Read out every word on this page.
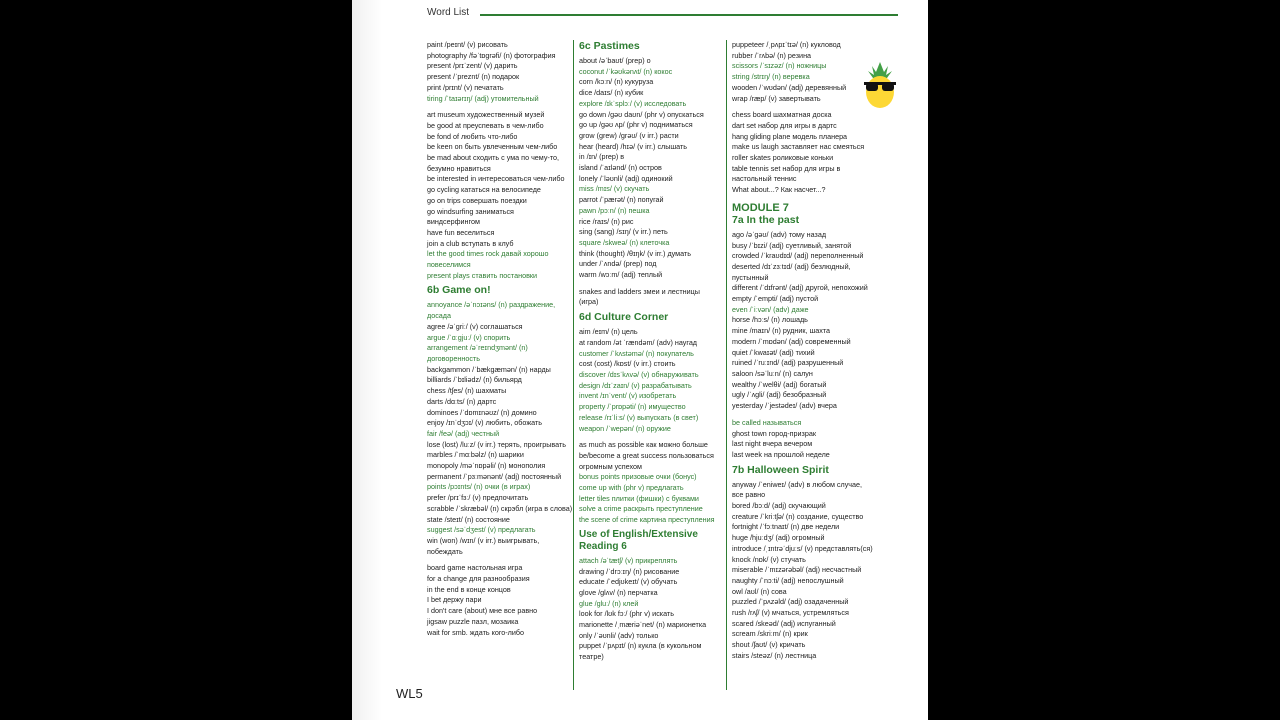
Word List
paint /peɪnt/ (v) рисовать
photography /fəˈtɒɡrəfi/ (n) фотография
present /prɪˈzent/ (v) дарить
present /ˈpreznt/ (n) подарок
print /prɪnt/ (v) печатать
tiring /ˈtaɪərɪŋ/ (adj) утомительный
art museum художественный музей
be good at преуспевать в чем-либо
be fond of любить что-либо
be keen on быть увлеченным чем-либо
be mad about сходить с ума по чему-то, безумно нравиться
be interested in интересоваться чем-либо
go cycling кататься на велосипеде
go on trips совершать поездки
go windsurfing заниматься виндсерфингом
have fun веселиться
join a club вступать в клуб
let the good times rock давай хорошо повеселимся
present plays ставить постановки
6b Game on!
annoyance /əˈnɔɪəns/ (n) раздражение, досада
agree /əˈɡriː/ (v) соглашаться
argue /ˈɑːɡjuː/ (v) спорить
arrangement /əˈreɪndʒmənt/ (n) договоренность
backgammon /ˈbækɡæmən/ (n) нарды
billiards /ˈbɪliədz/ (n) бильярд
chess /tʃes/ (n) шахматы
darts /dɑːts/ (n) дартс
dominoes /ˈdɒmɪnəʊz/ (n) домино
enjoy /ɪnˈdʒɔɪ/ (v) любить, обожать
fair /feə/ (adj) честный
lose (lost) /luːz/ (v irr.) терять, проигрывать
marbles /ˈmɑːbəlz/ (n) шарики
monopoly /məˈnɒpəli/ (n) монополия
permanent /ˈpɜːmənənt/ (adj) постоянный
points /pɔɪnts/ (n) очки (в играх)
prefer /prɪˈfɜː/ (v) предпочитать
scrabble /ˈskræbəl/ (n) скрэбл (игра в слова)
state /steɪt/ (n) состояние
suggest /səˈdʒest/ (v) предлагать
win (won) /wɪn/ (v irr.) выигрывать, побеждать
board game настольная игра
for a change для разнообразия
in the end в конце концов
I bet держу пари
I don't care (about) мне все равно
jigsaw puzzle пазл, мозаика
wait for smb. ждать кого-либо
6c Pastimes
about /əˈbaʊt/ (prep) о
coconut /ˈkəʊkənʌt/ (n) кокос
corn /kɔːn/ (n) кукуруза
dice /daɪs/ (n) кубик
explore /ɪkˈsplɔː/ (v) исследовать
go down /ɡəʊ daʊn/ (phr v) опускаться
go up /ɡəʊ ʌp/ (phr v) подниматься
grow (grew) /ɡrəʊ/ (v irr.) расти
hear (heard) /hɪə/ (v irr.) слышать
in /ɪn/ (prep) в
island /ˈaɪlənd/ (n) остров
lonely /ˈləʊnli/ (adj) одинокий
miss /mɪs/ (v) скучать
parrot /ˈpærət/ (n) попугай
pawn /pɔːn/ (n) пешка
rice /raɪs/ (n) рис
sing (sang) /sɪŋ/ (v irr.) петь
square /skweə/ (n) клеточка
think (thought) /θɪŋk/ (v irr.) думать
under /ˈʌndə/ (prep) под
warm /wɔːm/ (adj) теплый
snakes and ladders змеи и лестницы (игра)
6d Culture Corner
aim /eɪm/ (n) цель
at random /ət ˈrændəm/ (adv) наугад
customer /ˈkʌstəmə/ (n) покупатель
cost (cost) /kɒst/ (v irr.) стоить
discover /dɪsˈkʌvə/ (v) обнаруживать
design /dɪˈzaɪn/ (v) разрабатывать
invent /ɪnˈvent/ (v) изобретать
property /ˈprɒpəti/ (n) имущество
release /rɪˈliːs/ (v) выпускать (в свет)
weapon /ˈwepən/ (n) оружие
as much as possible как можно больше
be/become a great success пользоваться огромным успехом
bonus points призовые очки (бонус)
come up with (phr v) предлагать
letter tiles плитки (фишки) с буквами
solve a crime раскрыть преступление
the scene of crime картина преступления
Use of English/Extensive Reading 6
attach /əˈtætʃ/ (v) прикреплять
drawing /ˈdrɔːɪŋ/ (n) рисование
educate /ˈedjʊkeɪt/ (v) обучать
glove /ɡlʌv/ (n) перчатка
glue /ɡluː/ (n) клей
look for /lʊk fɔː/ (phr v) искать
marionette /ˌmæriəˈnet/ (n) марионетка
only /ˈəʊnli/ (adv) только
puppet /ˈpʌpɪt/ (n) кукла (в кукольном театре)
puppeteer /ˌpʌpɪˈtɪə/ (n) кукловод
rubber /ˈrʌbə/ (n) резина
scissors /ˈsɪzəz/ (n) ножницы
string /strɪŋ/ (n) веревка
wooden /ˈwʊdən/ (adj) деревянный
wrap /ræp/ (v) завертывать
chess board шахматная доска
dart set набор для игры в дартс
hang gliding plane модель планера
make us laugh заставляет нас смеяться
roller skates роликовые коньки
table tennis set набор для игры в настольный теннис
What about...? Как насчет...?
MODULE 7
7a In the past
ago /əˈɡəʊ/ (adv) тому назад
busy /ˈbɪzi/ (adj) суетливый, занятой
crowded /ˈkraʊdɪd/ (adj) переполненный
deserted /dɪˈzɜːtɪd/ (adj) безлюдный, пустынный
different /ˈdɪfrənt/ (adj) другой, непохожий
empty /ˈempti/ (adj) пустой
even /ˈiːvən/ (adv) даже
horse /hɔːs/ (n) лошадь
mine /maɪn/ (n) рудник, шахта
modern /ˈmɒdən/ (adj) современный
quiet /ˈkwaɪət/ (adj) тихий
ruined /ˈruːɪnd/ (adj) разрушенный
saloon /səˈluːn/ (n) салун
wealthy /ˈwelθi/ (adj) богатый
ugly /ˈʌɡli/ (adj) безобразный
yesterday /ˈjestədeɪ/ (adv) вчера
be called называться
ghost town город-призрак
last night вчера вечером
last week на прошлой неделе
7b Halloween Spirit
anyway /ˈeniweɪ/ (adv) в любом случае, все равно
bored /bɔːd/ (adj) скучающий
creature /ˈkriːtʃə/ (n) создание, существо
fortnight /ˈfɔːtnaɪt/ (n) две недели
huge /hjuːdʒ/ (adj) огромный
introduce /ˌɪntrəˈdjuːs/ (v) представлять(ся)
knock /nɒk/ (v) стучать
miserable /ˈmɪzərəbəl/ (adj) несчастный
naughty /ˈnɔːti/ (adj) непослушный
owl /aʊl/ (n) сова
puzzled /ˈpʌzəld/ (adj) озадаченный
rush /rʌʃ/ (v) мчаться, устремляться
scared /skeəd/ (adj) испуганный
scream /skriːm/ (n) крик
shout /ʃaʊt/ (v) кричать
stairs /steəz/ (n) лестница
WL5
